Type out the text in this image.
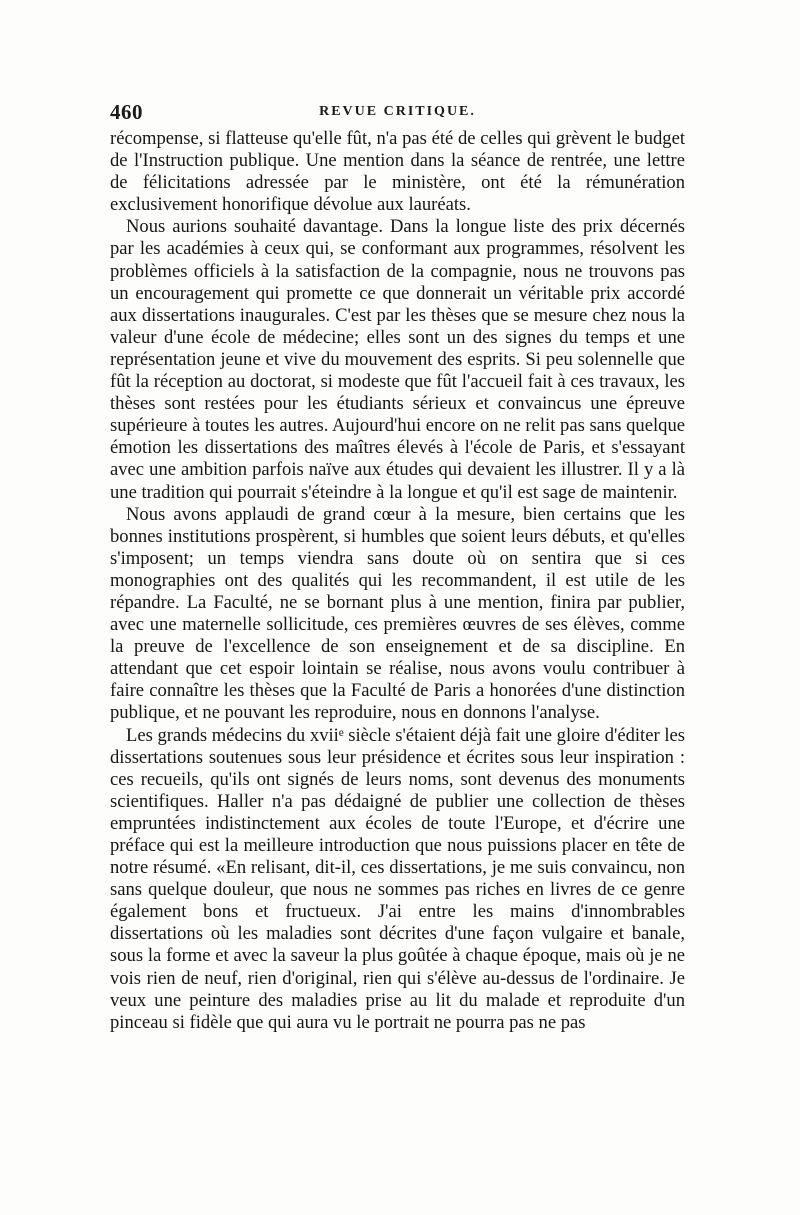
460	REVUE CRITIQUE.

récompense, si flatteuse qu'elle fût, n'a pas été de celles qui grèvent le budget de l'Instruction publique. Une mention dans la séance de rentrée, une lettre de félicitations adressée par le ministère, ont été la rémunération exclusivement honorifique dévolue aux lauréats.

Nous aurions souhaité davantage. Dans la longue liste des prix décernés par les académies à ceux qui, se conformant aux programmes, résolvent les problèmes officiels à la satisfaction de la compagnie, nous ne trouvons pas un encouragement qui promette ce que donnerait un véritable prix accordé aux dissertations inaugurales. C'est par les thèses que se mesure chez nous la valeur d'une école de médecine; elles sont un des signes du temps et une représentation jeune et vive du mouvement des esprits. Si peu solennelle que fût la réception au doctorat, si modeste que fût l'accueil fait à ces travaux, les thèses sont restées pour les étudiants sérieux et convaincus une épreuve supérieure à toutes les autres. Aujourd'hui encore on ne relit pas sans quelque émotion les dissertations des maîtres élevés à l'école de Paris, et s'essayant avec une ambition parfois naïve aux études qui devaient les illustrer. Il y a là une tradition qui pourrait s'éteindre à la longue et qu'il est sage de maintenir.

Nous avons applaudi de grand cœur à la mesure, bien certains que les bonnes institutions prospèrent, si humbles que soient leurs débuts, et qu'elles s'imposent; un temps viendra sans doute où on sentira que si ces monographies ont des qualités qui les recommandent, il est utile de les répandre. La Faculté, ne se bornant plus à une mention, finira par publier, avec une maternelle sollicitude, ces premières œuvres de ses élèves, comme la preuve de l'excellence de son enseignement et de sa discipline. En attendant que cet espoir lointain se réalise, nous avons voulu contribuer à faire connaître les thèses que la Faculté de Paris a honorées d'une distinction publique, et ne pouvant les reproduire, nous en donnons l'analyse.

Les grands médecins du xviiᵉ siècle s'étaient déjà fait une gloire d'éditer les dissertations soutenues sous leur présidence et écrites sous leur inspiration : ces recueils, qu'ils ont signés de leurs noms, sont devenus des monuments scientifiques. Haller n'a pas dédaigné de publier une collection de thèses empruntées indistinctement aux écoles de toute l'Europe, et d'écrire une préface qui est la meilleure introduction que nous puissions placer en tête de notre résumé. «En relisant, dit-il, ces dissertations, je me suis convaincu, non sans quelque douleur, que nous ne sommes pas riches en livres de ce genre également bons et fructueux. J'ai entre les mains d'innombrables dissertations où les maladies sont décrites d'une façon vulgaire et banale, sous la forme et avec la saveur la plus goûtée à chaque époque, mais où je ne vois rien de neuf, rien d'original, rien qui s'élève au-dessus de l'ordinaire. Je veux une peinture des maladies prise au lit du malade et reproduite d'un pinceau si fidèle que qui aura vu le portrait ne pourra pas ne pas
